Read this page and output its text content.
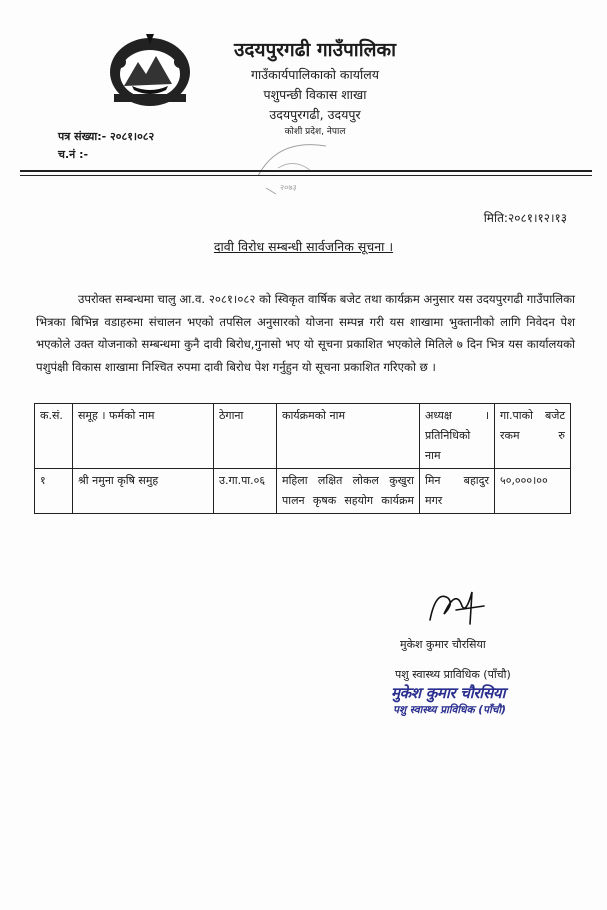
उदयपुरगढी गाउँपालिका
गाउँकार्यपालिकाको कार्यालय
पशुपन्छी विकास शाखा
उदयपुरगढी, उदयपुर
कोशी प्रदेश, नेपाल
पत्र संख्या:- २०८१।०८२
च.नं :-
२०७३
मिति:२०८१।१२।१३
दावी विरोध सम्बन्धी सार्वजनिक सूचना ।
उपरोक्त सम्बन्धमा चालु आ.व. २०८१।०८२ को स्विकृत वार्षिक बजेट तथा कार्यक्रम अनुसार यस उदयपुरगढी गाउँपालिका भित्रका बिभिन्न वडाहरुमा संचालन भएको तपसिल अनुसारको योजना सम्पन्न गरी यस शाखामा भुक्तानीको लागि निवेदन पेश भएकोले उक्त योजनाको सम्बन्धमा कुनै दावी बिरोध,गुनासो भए यो सूचना प्रकाशित भएकोले मितिले ७ दिन भित्र यस कार्यालयको पशुपंक्षी विकास शाखामा निश्चित रुपमा दावी बिरोध पेश गर्नुहुन यो सूचना प्रकाशित गरिएको छ ।
क.सं.	समूह । फर्मको नाम	ठेगाना	कार्यक्रमको नाम	अध्यक्ष । प्रतिनिधिको नाम	गा.पाको बजेट रकम रु
१	श्री नमुना कृषि समुह	उ.गा.पा.०६	महिला लक्षित लोकल कुखुरा पालन कृषक सहयोग कार्यक्रम	मिन बहादुर मगर	५०,०००।००
मुकेश कुमार चौरसिया
पशु स्वास्थ्य प्राविधिक (पाँचौ)
मुकेश कुमार चौरसिया
पशु स्वास्थ्य प्राविधिक (पाँचौ)
